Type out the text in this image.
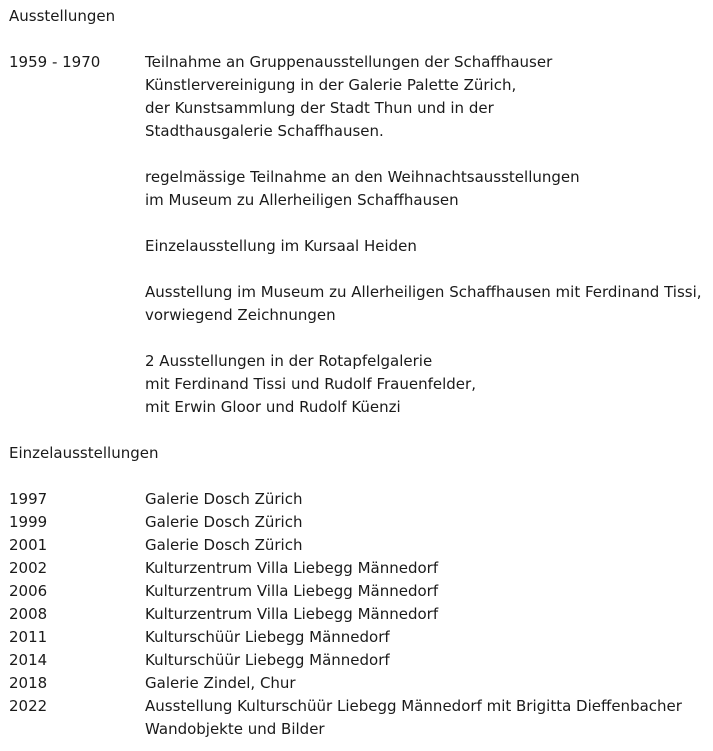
Ausstellungen
1959 - 1970	Teilnahme an Gruppenausstellungen der Schaffhauser
Künstlervereinigung in der Galerie Palette Zürich,
der Kunstsammlung der Stadt Thun und in der
Stadthausgalerie Schaffhausen.
regelmässige Teilnahme an den Weihnachtsausstellungen
im Museum zu Allerheiligen Schaffhausen
Einzelausstellung im Kursaal Heiden
Ausstellung im Museum zu Allerheiligen Schaffhausen mit Ferdinand Tissi,
vorwiegend Zeichnungen
2 Ausstellungen in der Rotapfelgalerie
mit Ferdinand Tissi und Rudolf Frauenfelder,
mit Erwin Gloor und Rudolf Küenzi
Einzelausstellungen
1997	Galerie Dosch Zürich
1999	Galerie Dosch Zürich
2001	Galerie Dosch Zürich
2002	Kulturzentrum Villa Liebegg Männedorf
2006	Kulturzentrum Villa Liebegg Männedorf
2008	Kulturzentrum Villa Liebegg Männedorf
2011	Kulturschüür Liebegg Männedorf
2014	Kulturschüür Liebegg Männedorf
2018	Galerie Zindel, Chur
2022	Ausstellung Kulturschüür Liebegg Männedorf mit Brigitta Dieffenbacher
Wandobjekte und Bilder
